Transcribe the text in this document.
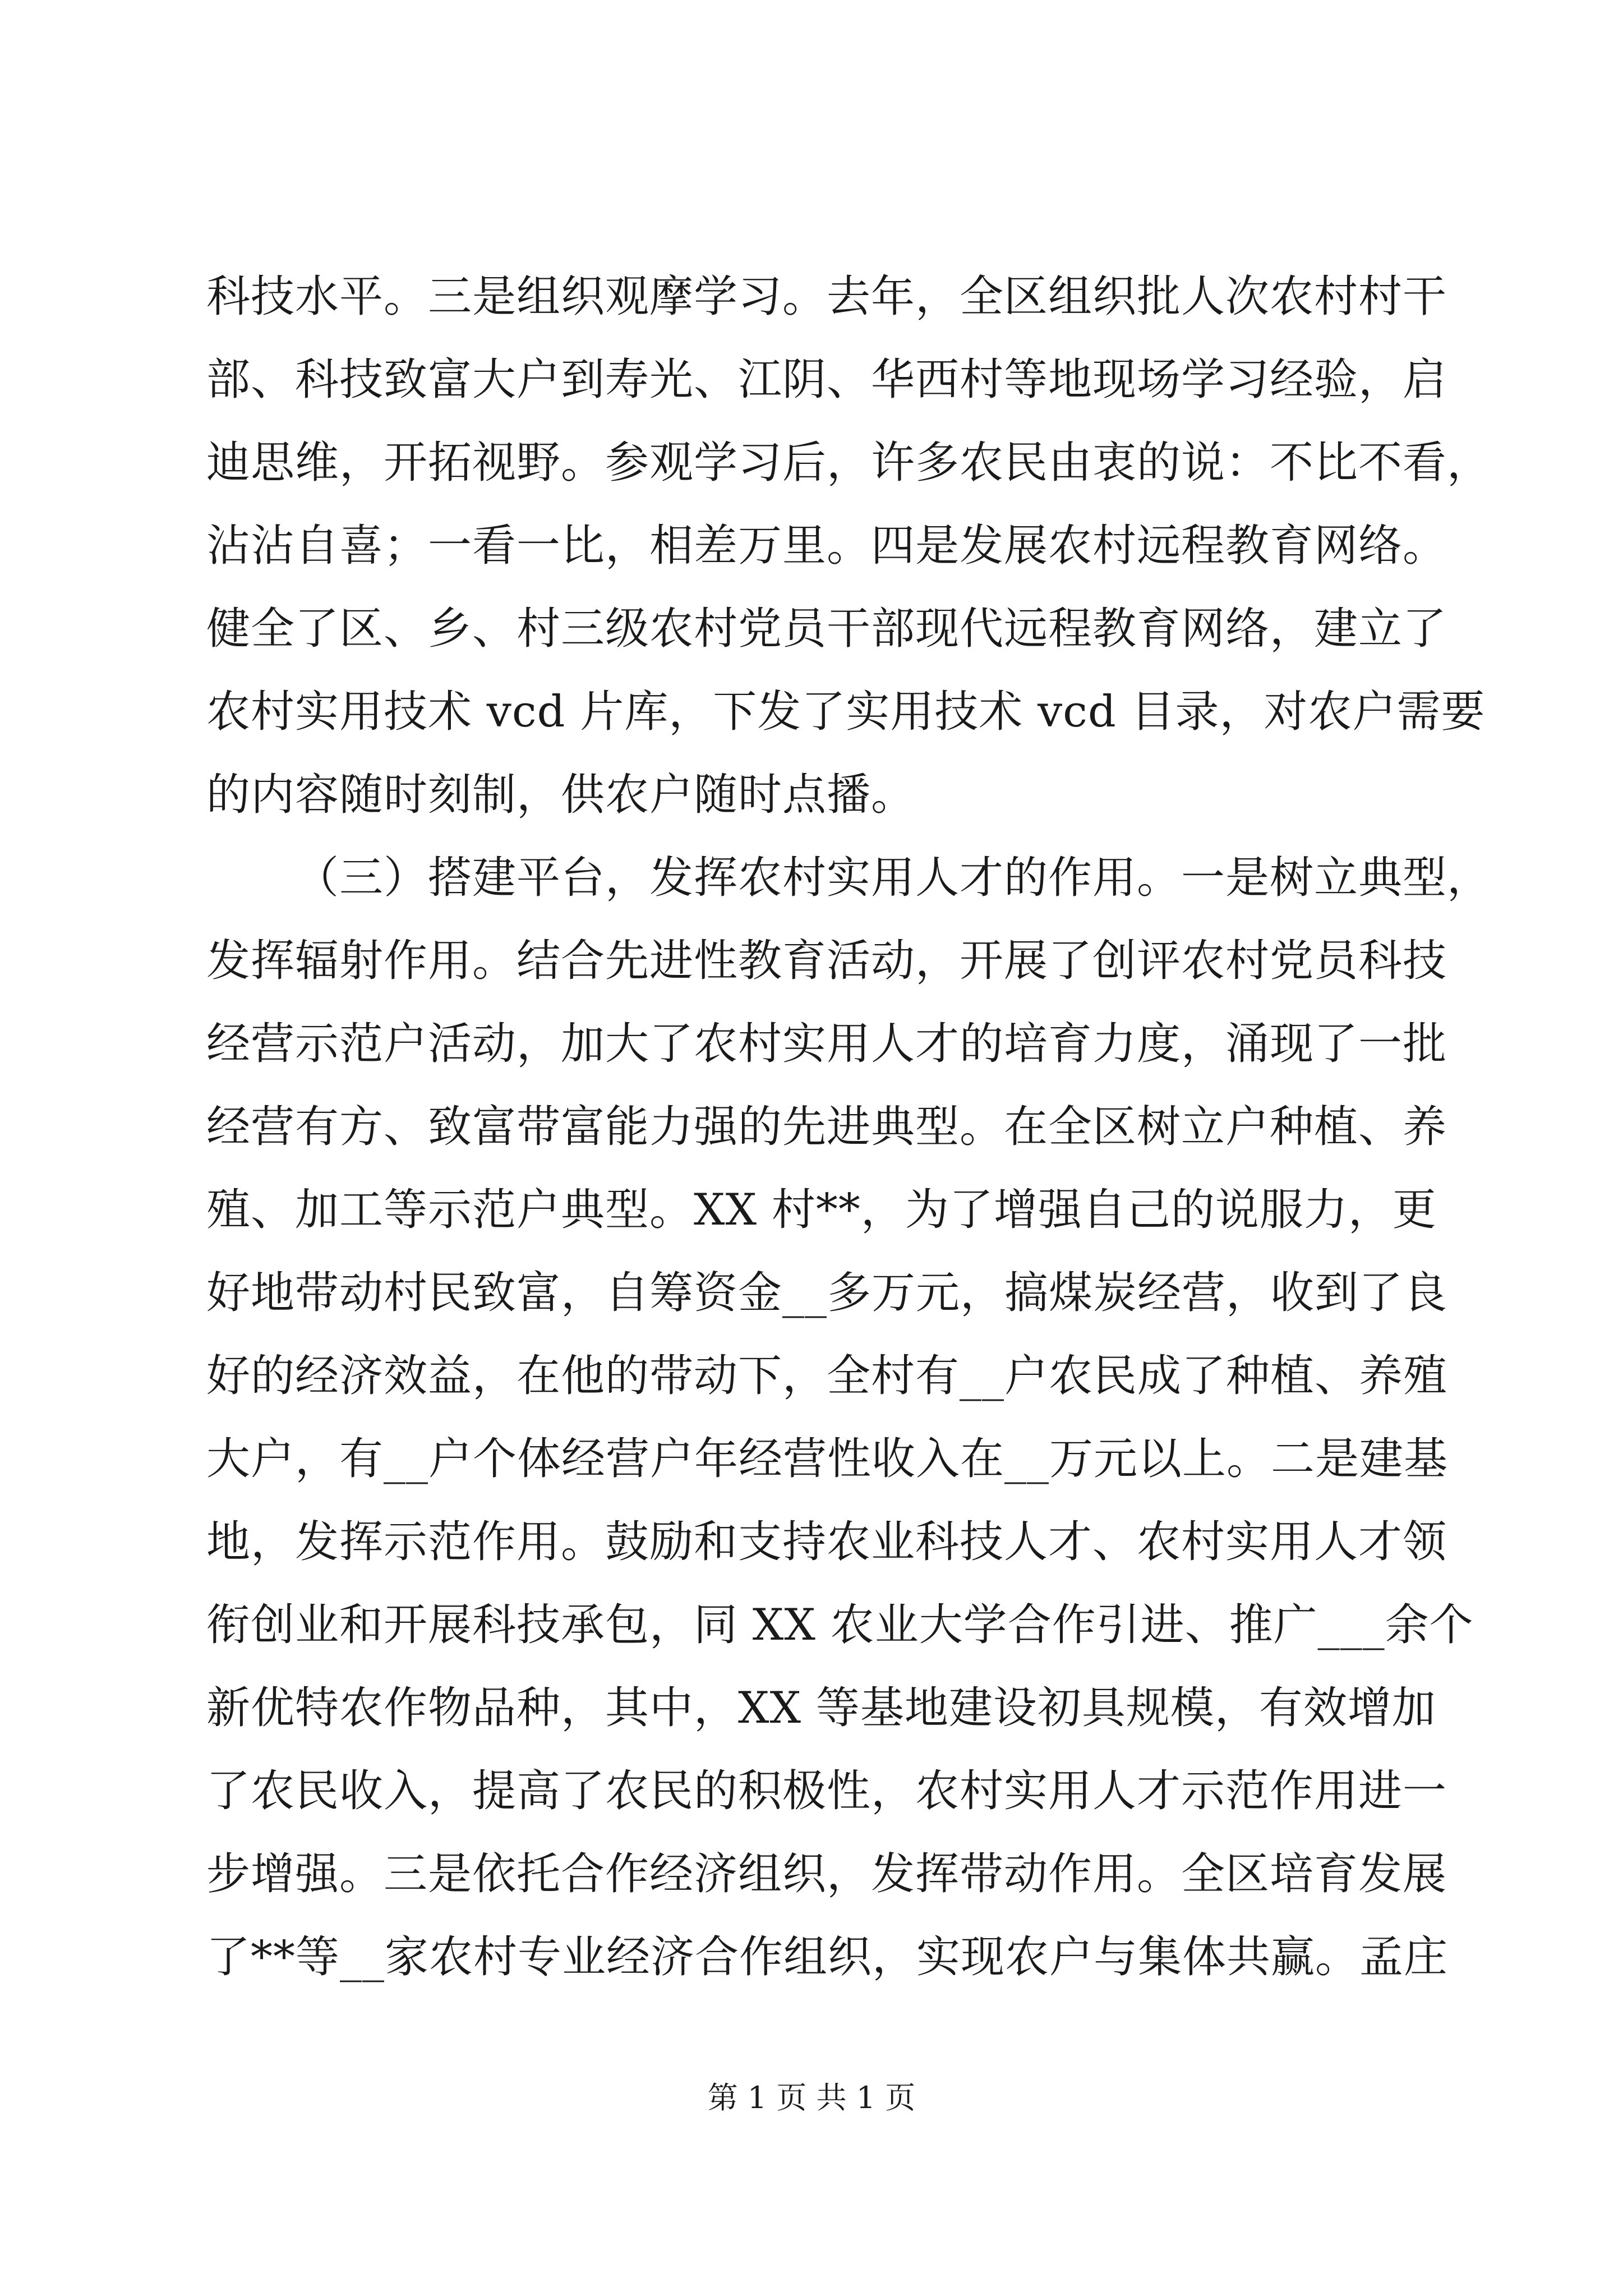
科技水平。三是组织观摩学习。去年，全区组织批人次农村村干
部、科技致富大户到寿光、江阴、华西村等地现场学习经验，启
迪思维，开拓视野。参观学习后，许多农民由衷的说：不比不看，
沾沾自喜；一看一比，相差万里。四是发展农村远程教育网络。
健全了区、乡、村三级农村党员干部现代远程教育网络，建立了
农村实用技术 vcd 片库，下发了实用技术 vcd 目录，对农户需要
的内容随时刻制，供农户随时点播。
（三）搭建平台，发挥农村实用人才的作用。一是树立典型，
发挥辐射作用。结合先进性教育活动，开展了创评农村党员科技
经营示范户活动，加大了农村实用人才的培育力度，涌现了一批
经营有方、致富带富能力强的先进典型。在全区树立户种植、养
殖、加工等示范户典型。XX 村**，为了增强自己的说服力，更
好地带动村民致富，自筹资金__多万元，搞煤炭经营，收到了良
好的经济效益，在他的带动下，全村有__户农民成了种植、养殖
大户，有__户个体经营户年经营性收入在__万元以上。二是建基
地，发挥示范作用。鼓励和支持农业科技人才、农村实用人才领
衔创业和开展科技承包，同 XX 农业大学合作引进、推广___余个
新优特农作物品种，其中，XX 等基地建设初具规模，有效增加
了农民收入，提高了农民的积极性，农村实用人才示范作用进一
步增强。三是依托合作经济组织，发挥带动作用。全区培育发展
了**等__家农村专业经济合作组织，实现农户与集体共赢。孟庄
第 1 页 共 1 页
